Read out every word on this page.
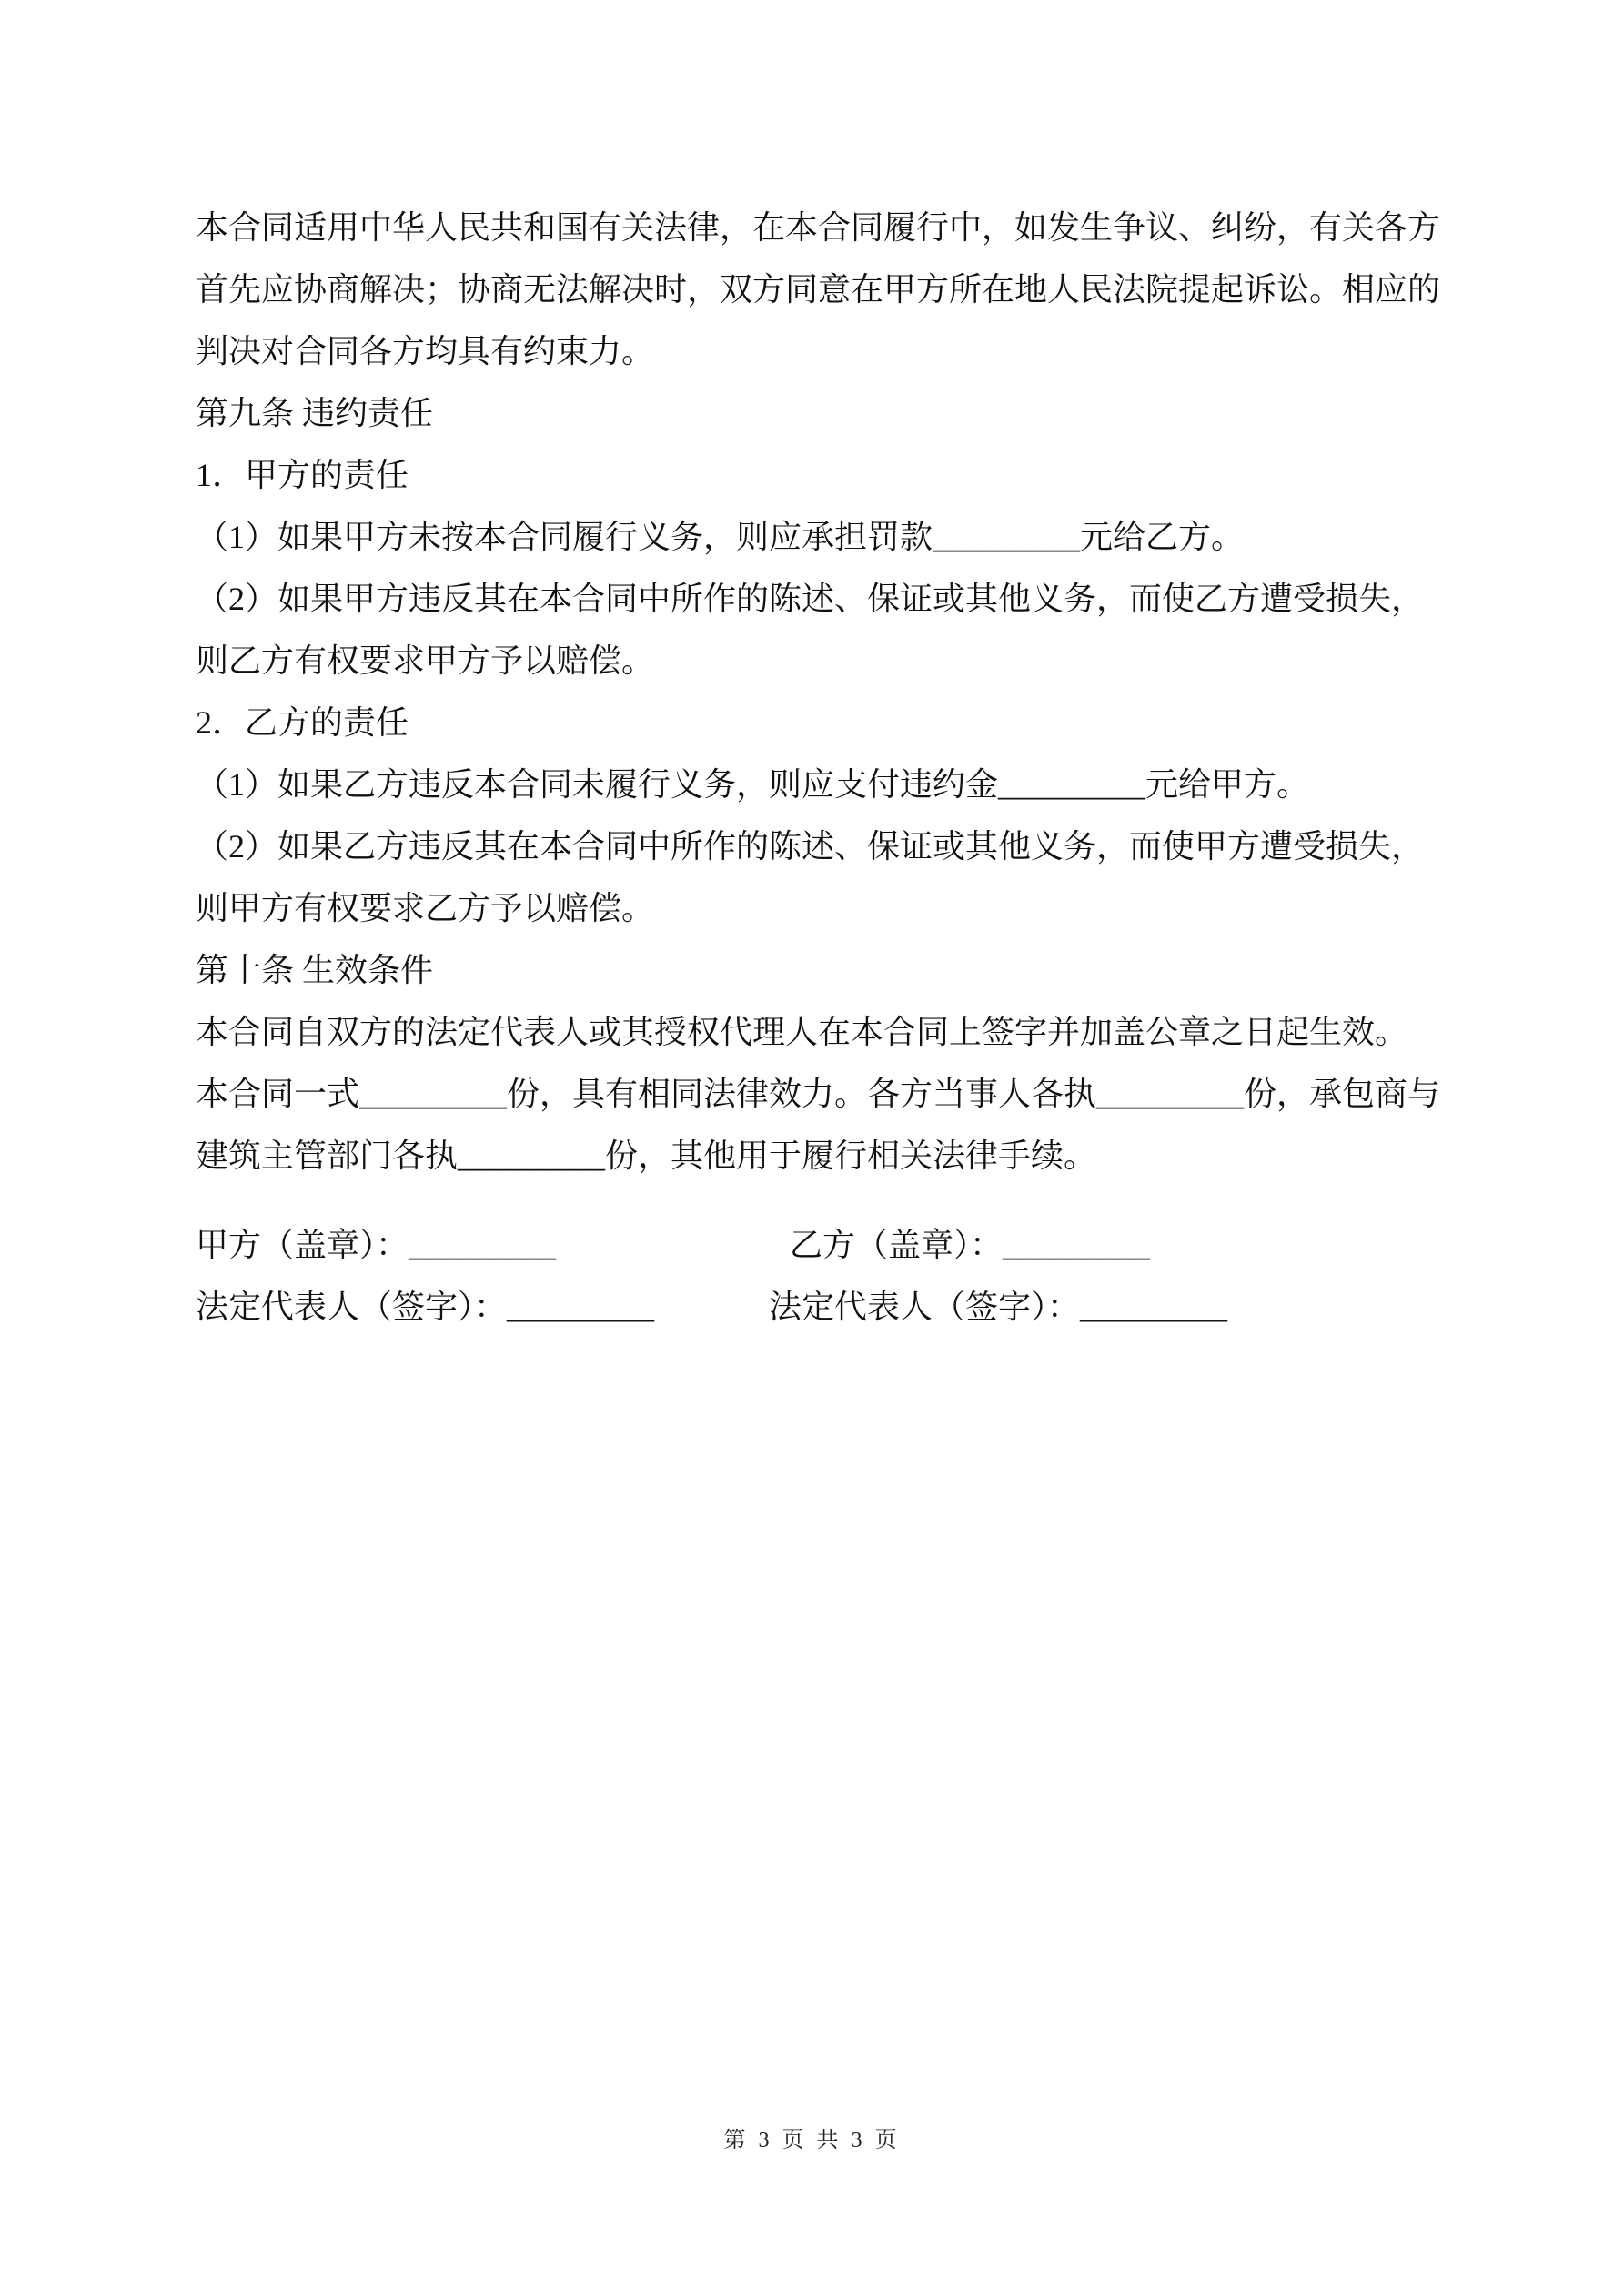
本合同适用中华人民共和国有关法律，在本合同履行中，如发生争议、纠纷，有关各方
首先应协商解决；协商无法解决时，双方同意在甲方所在地人民法院提起诉讼。相应的
判决对合同各方均具有约束力。
第九条 违约责任
1．甲方的责任
（1）如果甲方未按本合同履行义务，则应承担罚款_________元给乙方。
（2）如果甲方违反其在本合同中所作的陈述、保证或其他义务，而使乙方遭受损失，
则乙方有权要求甲方予以赔偿。
2．乙方的责任
（1）如果乙方违反本合同未履行义务，则应支付违约金_________元给甲方。
（2）如果乙方违反其在本合同中所作的陈述、保证或其他义务，而使甲方遭受损失，
则甲方有权要求乙方予以赔偿。
第十条 生效条件
本合同自双方的法定代表人或其授权代理人在本合同上签字并加盖公章之日起生效。
本合同一式_________份，具有相同法律效力。各方当事人各执_________份，承包商与
建筑主管部门各执_________份，其他用于履行相关法律手续。
甲方（盖章）：_________	乙方（盖章）：_________
法定代表人（签字）：_________	法定代表人（签字）：_________
第 3 页 共 3 页
